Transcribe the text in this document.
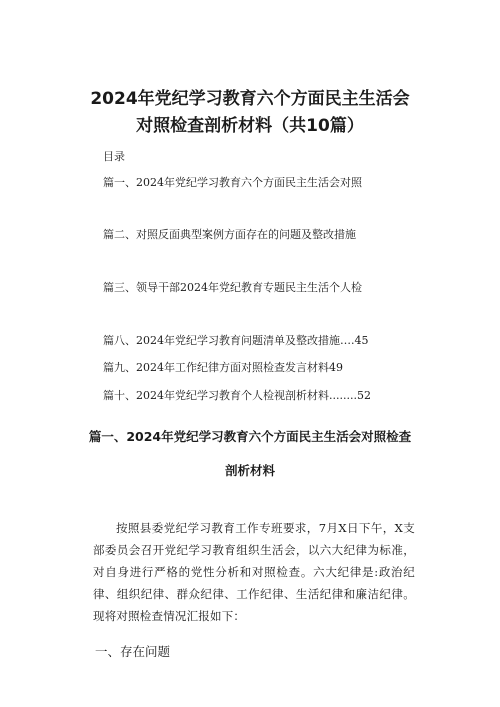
2024年党纪学习教育六个方面民主生活会
对照检查剖析材料（共10篇）
目录
篇一、2024年党纪学习教育六个方面民主生活会对照
篇二、对照反面典型案例方面存在的问题及整改措施
篇三、领导干部2024年党纪教育专题民主生活个人检
篇八、2024年党纪学习教育问题清单及整改措施….45
篇九、2024年工作纪律方面对照检查发言材料49
篇十、2024年党纪学习教育个人检视剖析材料........52
篇一、2024年党纪学习教育六个方面民主生活会对照检查
剖析材料
按照县委党纪学习教育工作专班要求，7月X日下午，X支部委员会召开党纪学习教育组织生活会，以六大纪律为标准，对自身进行严格的党性分析和对照检查。六大纪律是:政治纪律、组织纪律、群众纪律、工作纪律、生活纪律和廉洁纪律。现将对照检查情况汇报如下：
一、存在问题
